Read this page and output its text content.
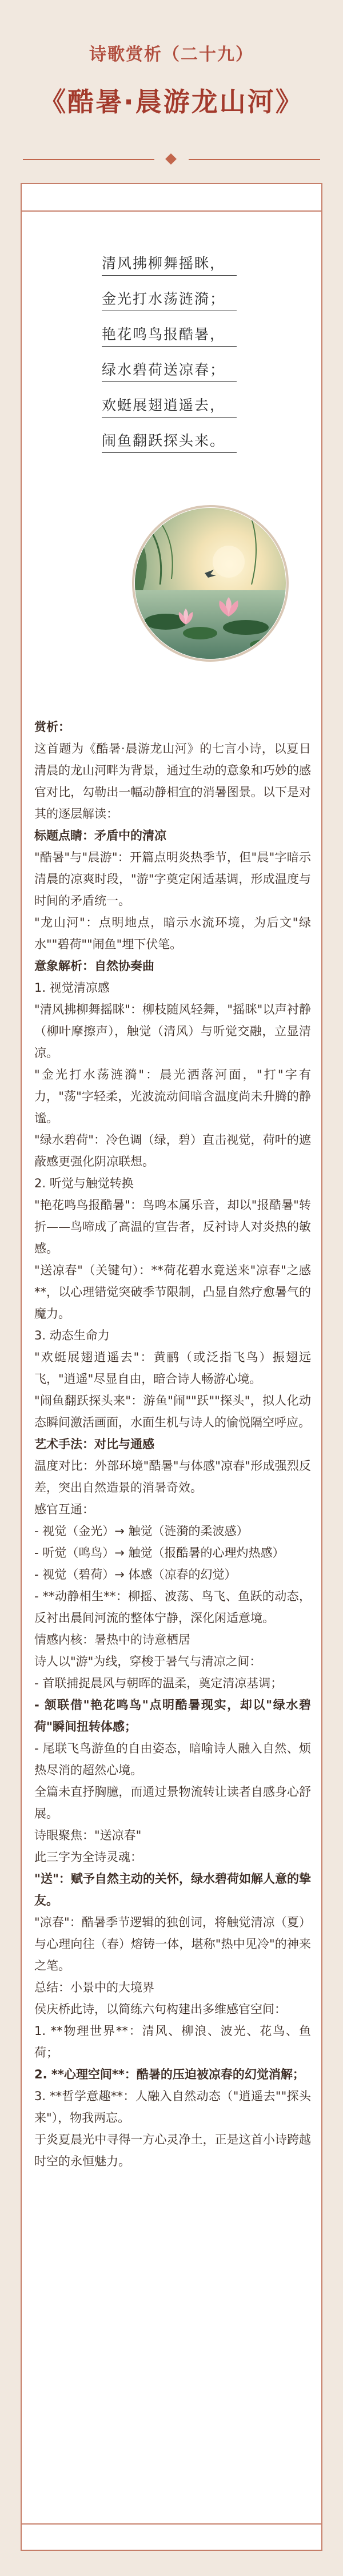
诗歌赏析（二十九）
《酷暑·晨游龙山河》
清风拂柳舞摇眯，
金光打水荡涟漪；
艳花鸣鸟报酷暑，
绿水碧荷送凉春；
欢蜓展翅逍遥去，
闹鱼翻跃探头来。

赏析：

这首题为《酷暑·晨游龙山河》的七言小诗，以夏日清晨的龙山河畔为背景，通过生动的意象和巧妙的感官对比，勾勒出一幅动静相宜的消暑图景。以下是对其的逐层解读：

标题点睛：矛盾中的清凉

"酷暑"与"晨游"：开篇点明炎热季节，但"晨"字暗示清晨的凉爽时段，"游"字奠定闲适基调，形成温度与时间的矛盾统一。

"龙山河"：点明地点，暗示水流环境，为后文"绿水""碧荷""闹鱼"埋下伏笔。

意象解析：自然协奏曲

1. 视觉清凉感

"清风拂柳舞摇眯"：柳枝随风轻舞，"摇眯"以声衬静（柳叶摩擦声），触觉（清风）与听觉交融，立显清凉。

"金光打水荡涟漪"：晨光洒落河面，"打"字有力，"荡"字轻柔，光波流动间暗含温度尚未升腾的静谧。

"绿水碧荷"：冷色调（绿，碧）直击视觉，荷叶的遮蔽感更强化阴凉联想。

2. 听觉与触觉转换

"艳花鸣鸟报酷暑"：鸟鸣本属乐音，却以"报酷暑"转折——鸟啼成了高温的宣告者，反衬诗人对炎热的敏感。

"送凉春"（关键句）：**荷花碧水竟送来"凉春"之感**，以心理错觉突破季节限制，凸显自然疗愈暑气的魔力。

3. 动态生命力

"欢蜓展翅逍遥去"：黄鹂（或泛指飞鸟）振翅远飞，"逍遥"尽显自由，暗合诗人畅游心境。

"闹鱼翻跃探头来"：游鱼"闹""跃""探头"，拟人化动态瞬间激活画面，水面生机与诗人的愉悦隔空呼应。

艺术手法：对比与通感

温度对比：外部环境"酷暑"与体感"凉春"形成强烈反差，突出自然造景的消暑奇效。

感官互通：

- 视觉（金光）→ 触觉（涟漪的柔波感）

- 听觉（鸣鸟）→ 触觉（报酷暑的心理灼热感）

- 视觉（碧荷）→ 体感（凉春的幻觉）

- **动静相生**：柳摇、波荡、鸟飞、鱼跃的动态，反衬出晨间河流的整体宁静，深化闲适意境。

情感内核：暑热中的诗意栖居

诗人以"游"为线，穿梭于暑气与清凉之间：

- 首联捕捉晨风与朝晖的温柔，奠定清凉基调；

- 颔联借"艳花鸣鸟"点明酷暑现实，却以"绿水碧荷"瞬间扭转体感；

- 尾联飞鸟游鱼的自由姿态，暗喻诗人融入自然、烦热尽消的超然心境。

全篇未直抒胸臆，而通过景物流转让读者自感身心舒展。

诗眼聚焦："送凉春"

此三字为全诗灵魂：

"送"：赋予自然主动的关怀，绿水碧荷如解人意的挚友。

"凉春"：酷暑季节逻辑的独创词，将触觉清凉（夏）与心理向往（春）熔铸一体，堪称"热中见冷"的神来之笔。

总结：小景中的大境界

侯庆桥此诗，以简练六句构建出多维感官空间：

1. **物理世界**：清风、柳浪、波光、花鸟、鱼荷；

2. **心理空间**：酷暑的压迫被凉春的幻觉消解；

3. **哲学意趣**：人融入自然动态（"逍遥去""探头来"），物我两忘。

于炎夏晨光中寻得一方心灵净土，正是这首小诗跨越时空的永恒魅力。
